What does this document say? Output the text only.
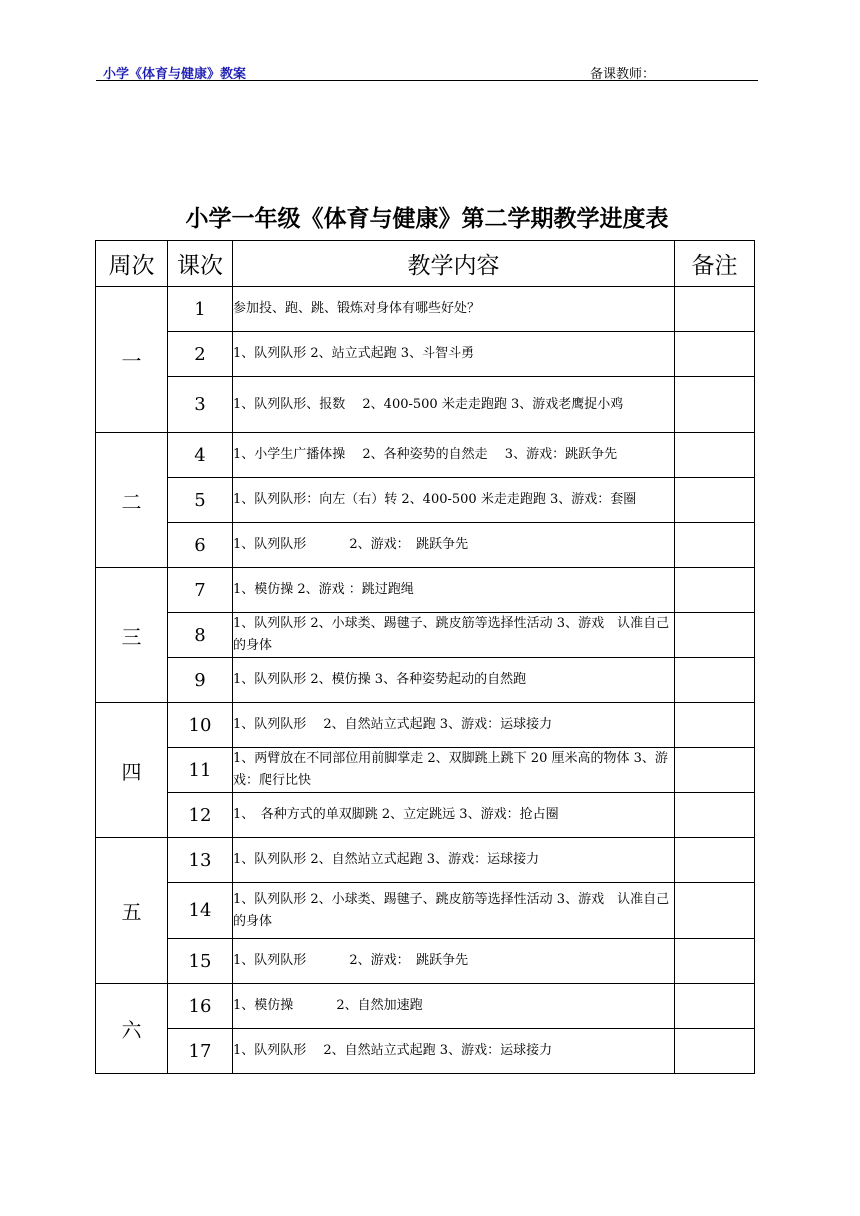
小学《体育与健康》教案	备课教师：
小学一年级《体育与健康》第二学期教学进度表
周次	课次	教学内容	备注
一	1	参加投、跑、跳、锻炼对身体有哪些好处？	
	2	1、队列队形 2、站立式起跑 3、斗智斗勇	
	3	1、队列队形、报数　 2、400-500 米走走跑跑 3、游戏老鹰捉小鸡	
二	4	1、小学生广播体操　 2、各种姿势的自然走　 3、游戏：跳跃争先	
	5	1、队列队形：向左（右）转 2、400-500 米走走跑跑 3、游戏：套圈	
	6	1、队列队形　　　 2、游戏：　跳跃争先	
三	7	1、模仿操 2、游戏 ：跳过跑绳	
	8	1、队列队形 2、小球类、踢毽子、跳皮筋等选择性活动 3、游戏　认准自己的身体	
	9	1、队列队形 2、模仿操 3、各种姿势起动的自然跑	
四	10	1、队列队形　 2、自然站立式起跑 3、游戏：运球接力	
	11	1、两臂放在不同部位用前脚掌走 2、双脚跳上跳下 20 厘米高的物体 3、游戏：爬行比快	
	12	1、　各种方式的单双脚跳 2、立定跳远 3、游戏：抢占圈	
五	13	1、队列队形 2、自然站立式起跑 3、游戏：运球接力	
	14	1、队列队形 2、小球类、踢毽子、跳皮筋等选择性活动 3、游戏　认准自己的身体	
	15	1、队列队形　　　 2、游戏：　跳跃争先	
六	16	1、模仿操　　　 2、自然加速跑	
	17	1、队列队形　 2、自然站立式起跑 3、游戏：运球接力	
